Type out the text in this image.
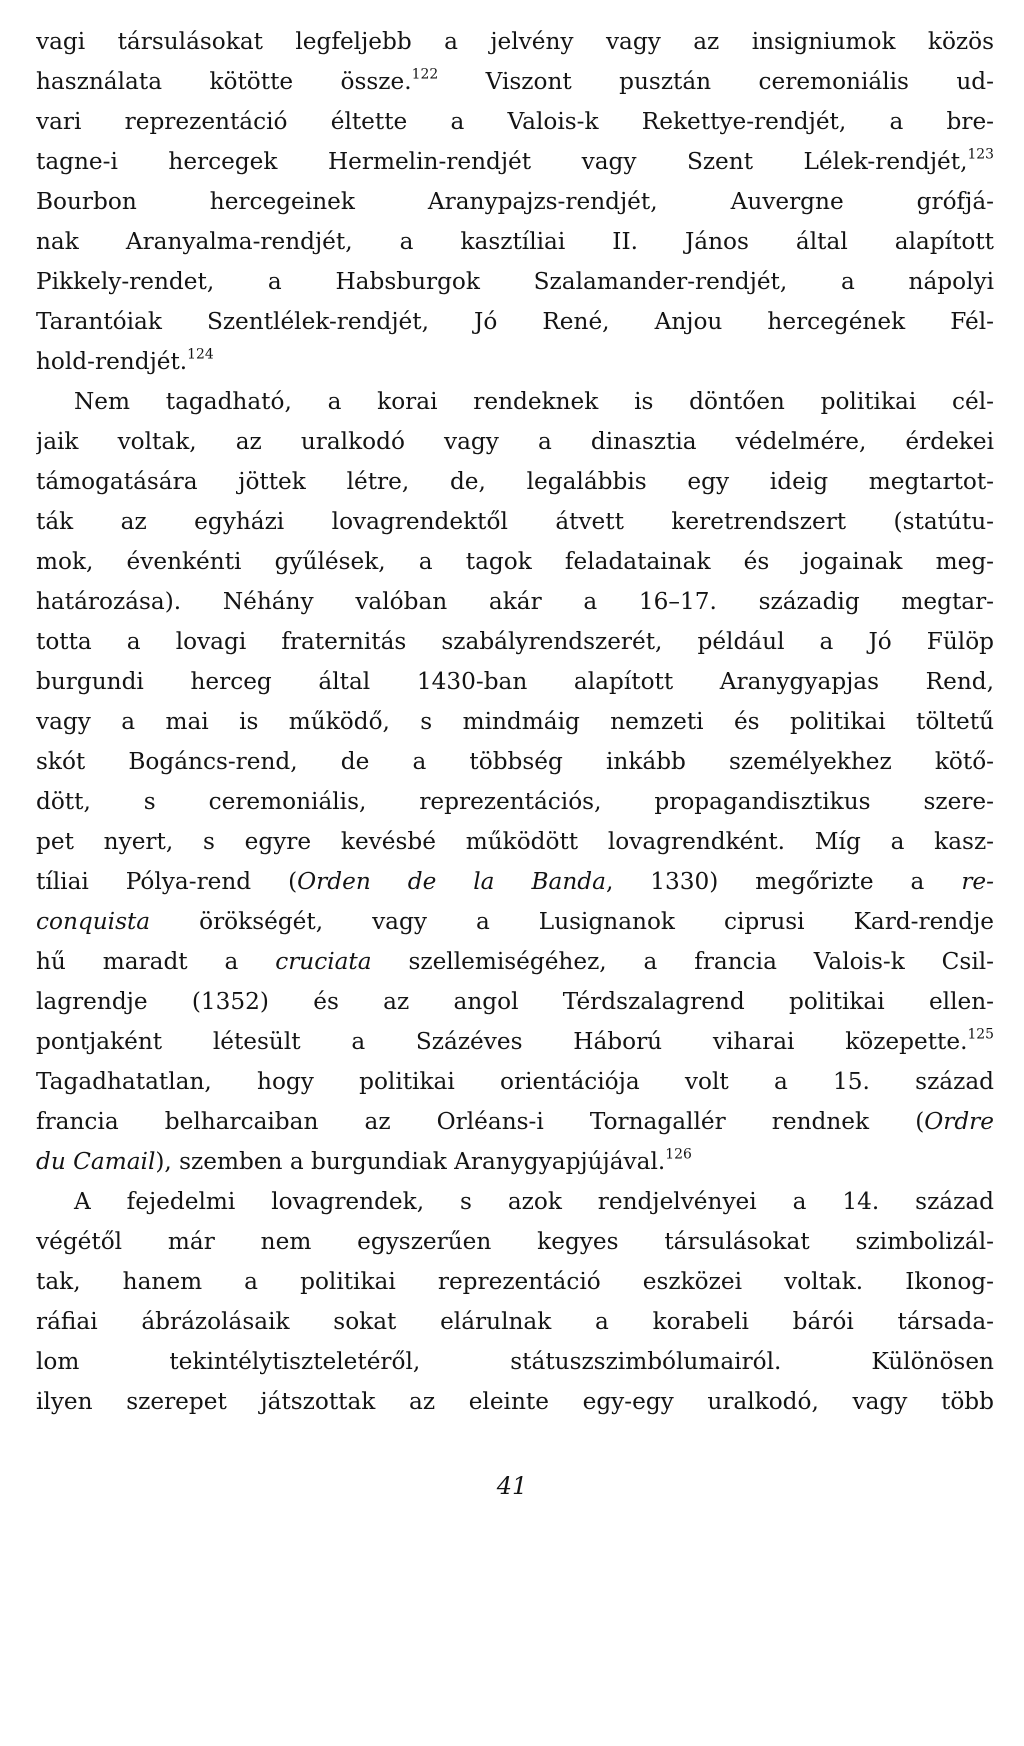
vagi társulásokat legfeljebb a jelvény vagy az insigniumok közös
használata kötötte össze.$^{122}$ Viszont pusztán ceremoniális ud-
vari reprezentáció éltette a Valois-k Rekettye-rendjét, a bre-
tagne-i hercegek Hermelin-rendjét vagy Szent Lélek-rendjét,$^{123}$
Bourbon hercegeinek Aranypajzs-rendjét, Auvergne grófjá-
nak Aranyalma-rendjét, a kasztíliai II. János által alapított
Pikkely-rendet, a Habsburgok Szalamander-rendjét, a nápolyi
Tarantóiak Szentlélek-rendjét, Jó René, Anjou hercegének Fél-
hold-rendjét.$^{124}$
Nem tagadható, a korai rendeknek is döntően politikai cél-
jaik voltak, az uralkodó vagy a dinasztia védelmére, érdekei
támogatására jöttek létre, de, legalábbis egy ideig megtartot-
ták az egyházi lovagrendektől átvett keretrendszert (statútu-
mok, évenkénti gyűlések, a tagok feladatainak és jogainak meg-
határozása). Néhány valóban akár a 16–17. századig megtar-
totta a lovagi fraternitás szabályrendszerét, például a Jó Fülöp
burgundi herceg által 1430-ban alapított Aranygyapjas Rend,
vagy a mai is működő, s mindmáig nemzeti és politikai töltetű
skót Bogáncs-rend, de a többség inkább személyekhez kötő-
dött, s ceremoniális, reprezentációs, propagandisztikus szere-
pet nyert, s egyre kevésbé működött lovagrendként. Míg a kasz-
tíliai Pólya-rend (Orden de la Banda, 1330) megőrizte a re-
conquista örökségét, vagy a Lusignanok ciprusi Kard-rendje
hű maradt a cruciata szellemiségéhez, a francia Valois-k Csil-
lagrendje (1352) és az angol Térdszalagrend politikai ellen-
pontjaként létesült a Százéves Háború viharai közepette.$^{125}$
Tagadhatatlan, hogy politikai orientációja volt a 15. század
francia belharcaiban az Orléans-i Tornagallér rendnek (Ordre
du Camail), szemben a burgundiak Aranygyapjújával.$^{126}$
A fejedelmi lovagrendek, s azok rendjelvényei a 14. század
végétől már nem egyszerűen kegyes társulásokat szimbolizál-
tak, hanem a politikai reprezentáció eszközei voltak. Ikonog-
ráfiai ábrázolásaik sokat elárulnak a korabeli bárói társada-
lom tekintélytiszteletéről, státuszszimbólumairól. Különösen
ilyen szerepet játszottak az eleinte egy-egy uralkodó, vagy több
41
